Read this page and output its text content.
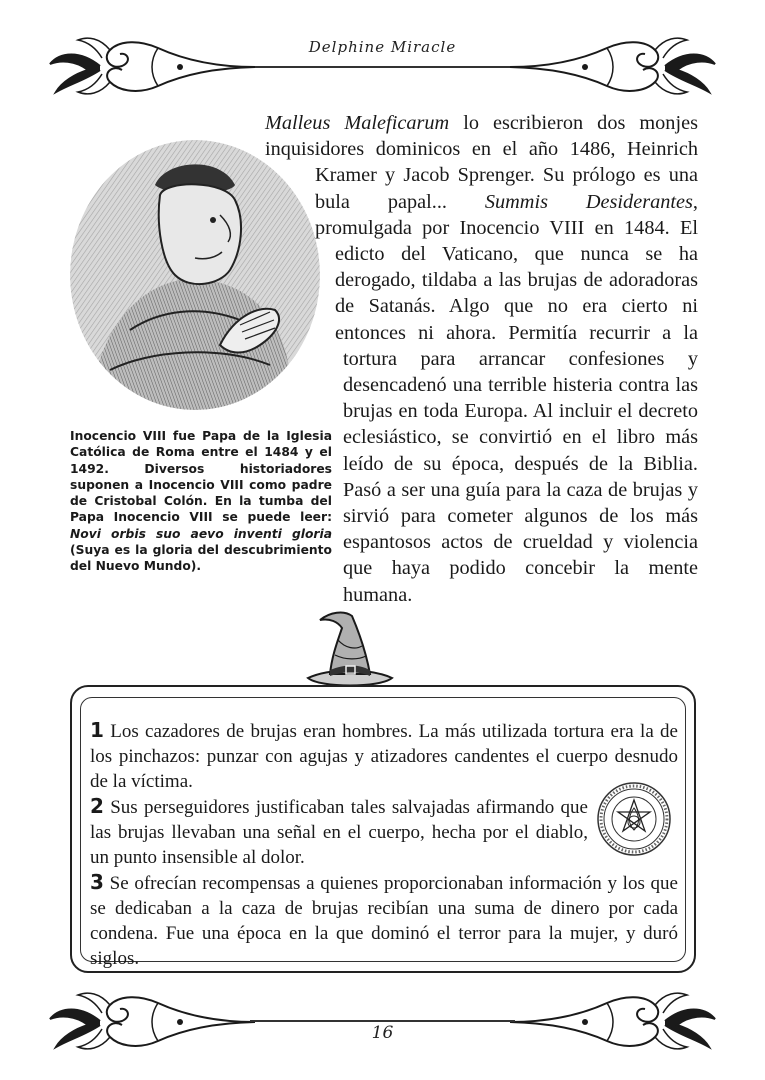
Delphine Miracle

Malleus Maleficarum lo escribieron dos monjes inquisidores dominicos en el año 1486, Heinrich Kramer y Jacob Sprenger. Su prólogo es una bula papal... Summis Desiderantes, promulgada por Inocencio VIII en 1484. El edicto del Vaticano, que nunca se ha derogado, tildaba a las brujas de adoradoras de Satanás. Algo que no era cierto ni entonces ni ahora. Permitía recurrir a la tortura para arrancar confesiones y desencadenó una terrible histeria contra las brujas en toda Europa. Al incluir el decreto eclesiástico, se convirtió en el libro más leído de su época, después de la Biblia. Pasó a ser una guía para la caza de brujas y sirvió para cometer algunos de los más espantosos actos de crueldad y violencia que haya podido concebir la mente humana.

Inocencio VIII fue Papa de la Iglesia Católica de Roma entre el 1484 y el 1492. Diversos historiadores suponen a Inocencio VIII como padre de Cristobal Colón. En la tumba del Papa Inocencio VIII se puede leer: Novi orbis suo aevo inventi gloria (Suya es la gloria del descubrimiento del Nuevo Mundo).

1 Los cazadores de brujas eran hombres. La más utilizada tortura era la de los pinchazos: punzar con agujas y atizadores candentes el cuerpo desnudo de la víctima.

2 Sus perseguidores justificaban tales salvajadas afirmando que las brujas llevaban una señal en el cuerpo, hecha por el diablo, un punto insensible al dolor.

3 Se ofrecían recompensas a quienes proporcionaban información y los que se dedicaban a la caza de brujas recibían una suma de dinero por cada condena. Fue una época en la que dominó el terror para la mujer, y duró siglos.

16
